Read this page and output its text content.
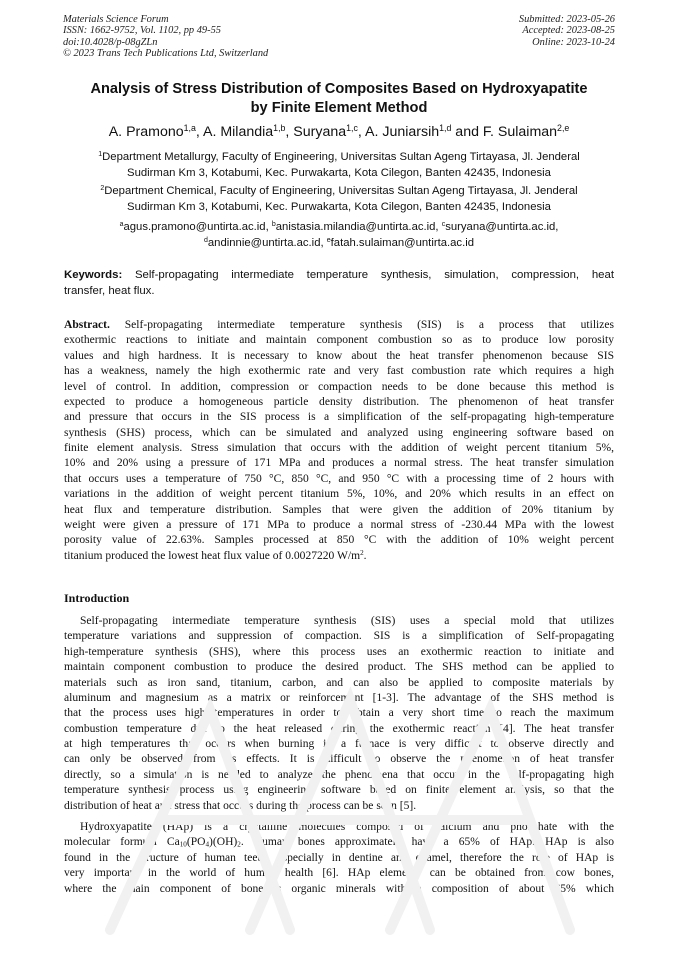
Materials Science Forum
ISSN: 1662-9752, Vol. 1102, pp 49-55
doi:10.4028/p-08gZLn
© 2023 Trans Tech Publications Ltd, Switzerland
Submitted: 2023-05-26
Accepted: 2023-08-25
Online: 2023-10-24
Analysis of Stress Distribution of Composites Based on Hydroxyapatite
by Finite Element Method
A. Pramono$^{1,a}$, A. Milandia$^{1,b}$, Suryana$^{1,c}$, A. Juniarsih$^{1,d}$ and F. Sulaiman$^{2,e}$
$^1$Department Metallurgy, Faculty of Engineering, Universitas Sultan Ageng Tirtayasa, Jl. Jenderal
Sudirman Km 3, Kotabumi, Kec. Purwakarta, Kota Cilegon, Banten 42435, Indonesia
$^2$Department Chemical, Faculty of Engineering, Universitas Sultan Ageng Tirtayasa, Jl. Jenderal
Sudirman Km 3, Kotabumi, Kec. Purwakarta, Kota Cilegon, Banten 42435, Indonesia
$^a$agus.pramono@untirta.ac.id, $^b$anistasia.milandia@untirta.ac.id, $^c$suryana@untirta.ac.id,
$^d$andinnie@untirta.ac.id, $^e$fatah.sulaiman@untirta.ac.id
Keywords: Self-propagating intermediate temperature synthesis, simulation, compression, heat
transfer, heat flux.
Abstract. Self-propagating intermediate temperature synthesis (SIS) is a process that utilizes
exothermic reactions to initiate and maintain component combustion so as to produce low porosity
values and high hardness. It is necessary to know about the heat transfer phenomenon because SIS
has a weakness, namely the high exothermic rate and very fast combustion rate which requires a high
level of control. In addition, compression or compaction needs to be done because this method is
expected to produce a homogeneous particle density distribution. The phenomenon of heat transfer
and pressure that occurs in the SIS process is a simplification of the self-propagating high-temperature
synthesis (SHS) process, which can be simulated and analyzed using engineering software based on
finite element analysis. Stress simulation that occurs with the addition of weight percent titanium 5%,
10% and 20% using a pressure of 171 MPa and produces a normal stress. The heat transfer simulation
that occurs uses a temperature of 750 °C, 850 °C, and 950 °C with a processing time of 2 hours with
variations in the addition of weight percent titanium 5%, 10%, and 20% which results in an effect on
heat flux and temperature distribution. Samples that were given the addition of 20% titanium by
weight were given a pressure of 171 MPa to produce a normal stress of -230.44 MPa with the lowest
porosity value of 22.63%. Samples processed at 850 °C with the addition of 10% weight percent
titanium produced the lowest heat flux value of 0.0027220 $W/m^2$.
Introduction
Self-propagating intermediate temperature synthesis (SIS) uses a special mold that utilizes
temperature variations and suppression of compaction. SIS is a simplification of Self-propagating
high-temperature synthesis (SHS), where this process uses an exothermic reaction to initiate and
maintain component combustion to produce the desired product. The SHS method can be applied to
materials such as iron sand, titanium, carbon, and can also be applied to composite materials by
aluminum and magnesium as a matrix or reinforcement [1-3]. The advantage of the SHS method is
that the process uses high temperatures in order to obtain a very short time to reach the maximum
combustion temperature due to the heat released during the exothermic reaction [4]. The heat transfer
at high temperatures that occurs when burning in a furnace is very difficult to observe directly and
can only be observed from its effects. It is difficult to observe the phenomenon of heat transfer
directly, so a simulation is needed to analyze the phenomena that occur in the self-propagating high
temperature synthesis process using engineering software based on finite element analysis, so that the
distribution of heat and stress that occurs during the process can be seen [5].
Hydroxyapatite (HAp) is a crystalline molecules composed of calcium and phosphate with the
molecular formula $Ca_{10}(PO_4)(OH)_2$. Human bones approximately have a 65% of HAp. HAp is also
found in the structure of human teeth, especially in dentine and enamel, therefore the role of HAp is
very important in the world of human health [6]. HAp elements can be obtained from cow bones,
where the main component of bone is organic minerals with a composition of about 65% which
